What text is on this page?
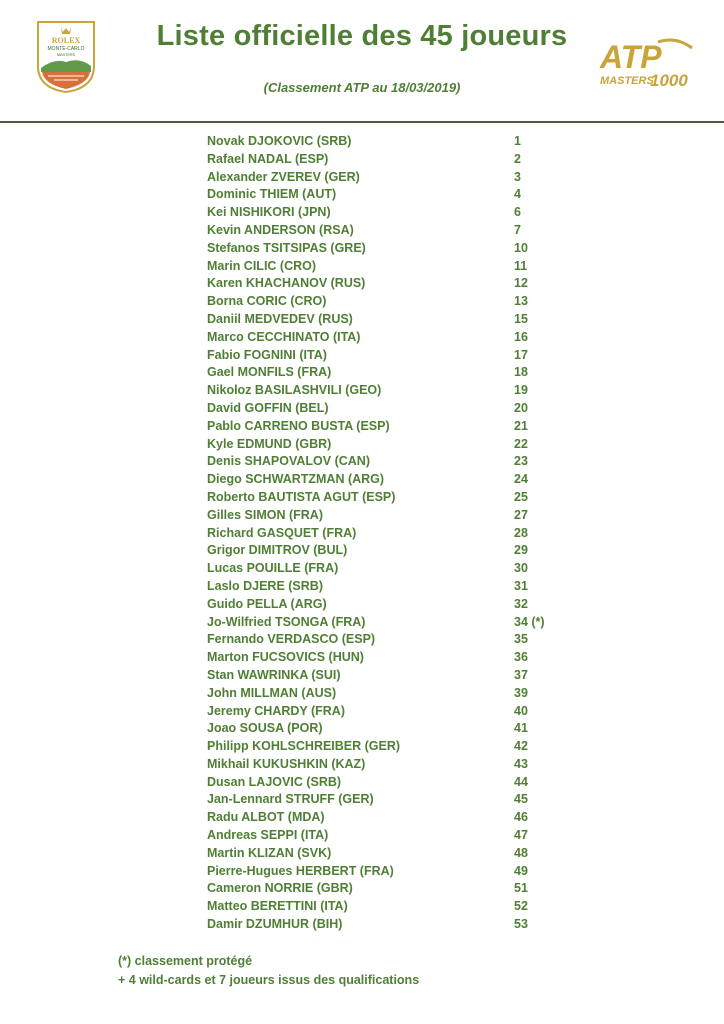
ROLEX
MONTE-CARLO
MASTERS
Liste officielle des 45 joueurs
(Classement ATP au 18/03/2019)
ATP
MASTERS
1000
Novak DJOKOVIC (SRB)	1
Rafael NADAL (ESP)	2
Alexander ZVEREV (GER)	3
Dominic THIEM (AUT)	4
Kei NISHIKORI (JPN)	6
Kevin ANDERSON (RSA)	7
Stefanos TSITSIPAS (GRE)	10
Marin CILIC (CRO)	11
Karen KHACHANOV (RUS)	12
Borna CORIC (CRO)	13
Daniil MEDVEDEV (RUS)	15
Marco CECCHINATO (ITA)	16
Fabio FOGNINI (ITA)	17
Gael MONFILS (FRA)	18
Nikoloz BASILASHVILI (GEO)	19
David GOFFIN (BEL)	20
Pablo CARRENO BUSTA (ESP)	21
Kyle EDMUND (GBR)	22
Denis SHAPOVALOV (CAN)	23
Diego SCHWARTZMAN (ARG)	24
Roberto BAUTISTA AGUT (ESP)	25
Gilles SIMON (FRA)	27
Richard GASQUET (FRA)	28
Grigor DIMITROV (BUL)	29
Lucas POUILLE (FRA)	30
Laslo DJERE (SRB)	31
Guido PELLA (ARG)	32
Jo-Wilfried TSONGA (FRA)	34 (*)
Fernando VERDASCO (ESP)	35
Marton FUCSOVICS (HUN)	36
Stan WAWRINKA (SUI)	37
John MILLMAN (AUS)	39
Jeremy CHARDY (FRA)	40
Joao SOUSA (POR)	41
Philipp KOHLSCHREIBER (GER)	42
Mikhail KUKUSHKIN (KAZ)	43
Dusan LAJOVIC (SRB)	44
Jan-Lennard STRUFF (GER)	45
Radu ALBOT (MDA)	46
Andreas SEPPI (ITA)	47
Martin KLIZAN (SVK)	48
Pierre-Hugues HERBERT (FRA)	49
Cameron NORRIE (GBR)	51
Matteo BERETTINI (ITA)	52
Damir DZUMHUR (BIH)	53
(*) classement protégé
+ 4 wild-cards et 7 joueurs issus des qualifications
